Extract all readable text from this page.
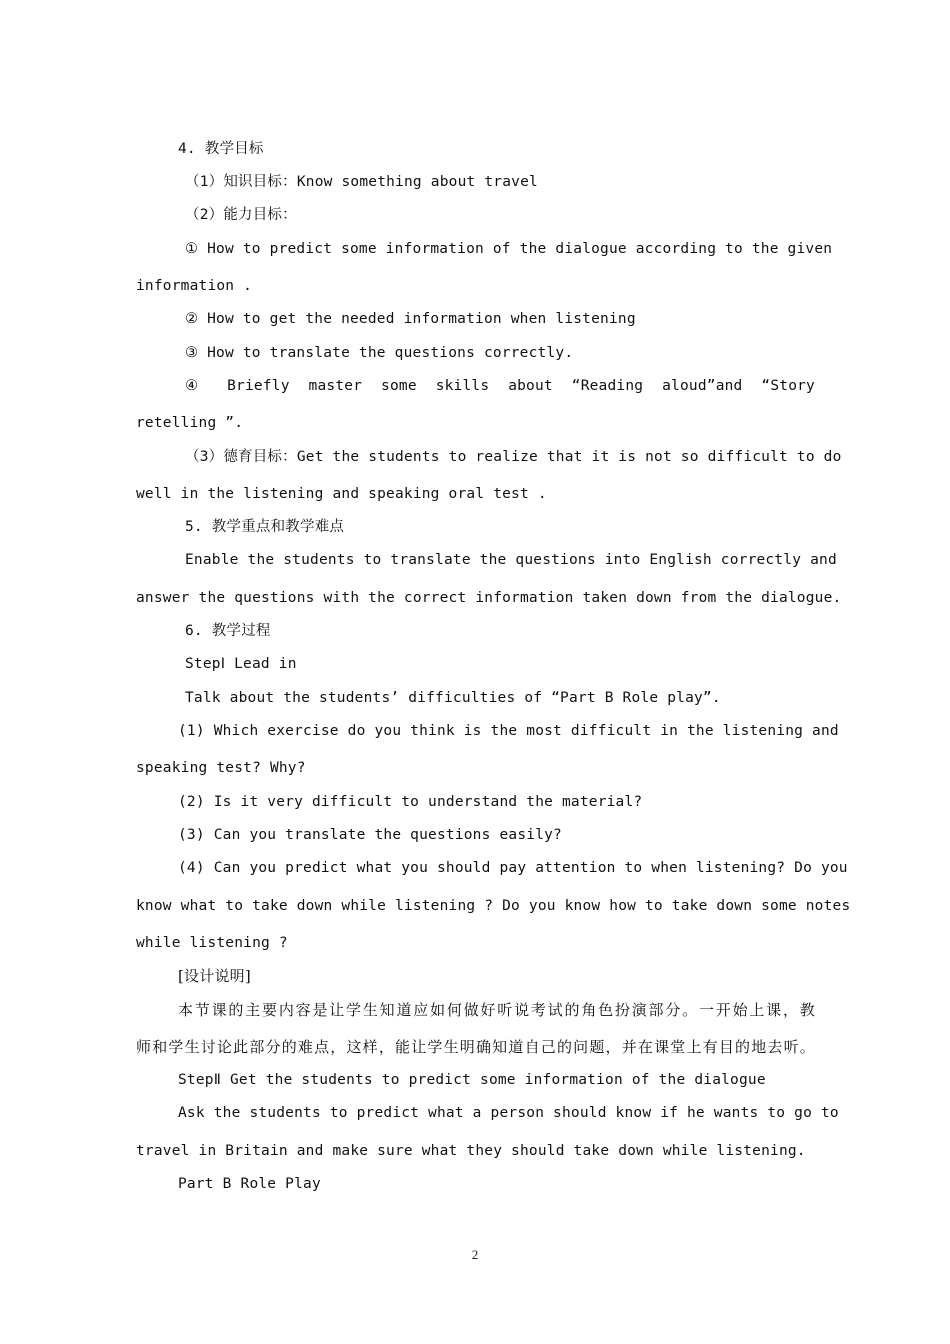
4. 教学目标
（1）知识目标：Know something about travel
（2）能力目标：
① How to predict some information of the dialogue according to the given
information .
② How to get the needed information when listening
③ How to translate the questions correctly.
④ Briefly master some skills about “Reading aloud”and “Story
retelling ”.
（3）德育目标：Get the students to realize that it is not so difficult to do
well in the listening and speaking oral test .
5. 教学重点和教学难点
Enable the students to translate the questions into English correctly and
answer the questions with the correct information taken down from the dialogue.
6. 教学过程
StepⅠ Lead in
Talk about the students’ difficulties of “Part B Role play”.
(1) Which exercise do you think is the most difficult in the listening and
speaking test? Why?
(2) Is it very difficult to understand the material?
(3) Can you translate the questions easily?
(4) Can you predict what you should pay attention to when listening? Do you
know what to take down while listening ? Do you know how to take down some notes
while listening ?
[设计说明]
本节课的主要内容是让学生知道应如何做好听说考试的角色扮演部分。一开始上课，教
师和学生讨论此部分的难点，这样，能让学生明确知道自己的问题，并在课堂上有目的地去听。
StepⅡ Get the students to predict some information of the dialogue
Ask the students to predict what a person should know if he wants to go to
travel in Britain and make sure what they should take down while listening.
Part B Role Play
2
